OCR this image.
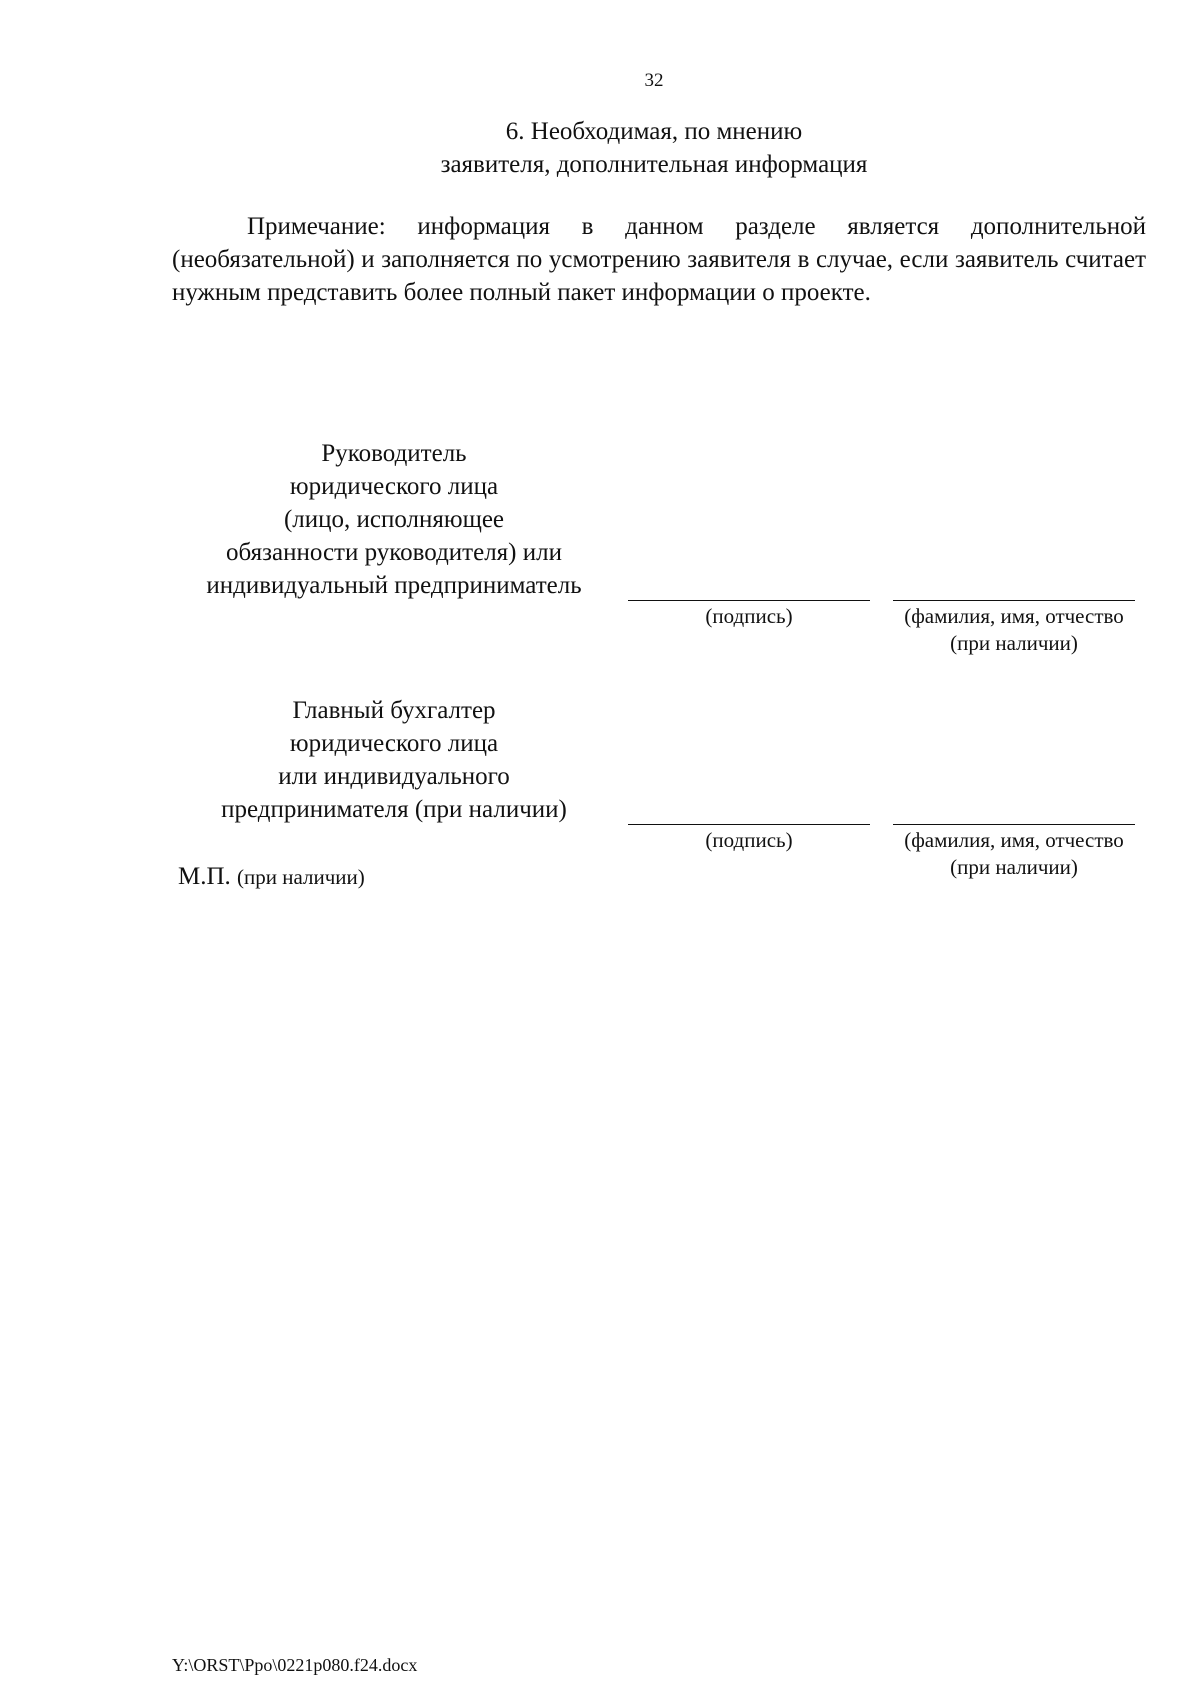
32
6. Необходимая, по мнению
заявителя, дополнительная информация

Примечание: информация в данном разделе является дополнительной (необязательной) и заполняется по усмотрению заявителя в случае, если заявитель считает нужным представить более полный пакет информации о проекте.

Руководитель
юридического лица
(лицо, исполняющее
обязанности руководителя) или
индивидуальный предприниматель
(подпись)	(фамилия, имя, отчество
(при наличии)
Главный бухгалтер
юридического лица
или индивидуального
предпринимателя (при наличии)
(подпись)	(фамилия, имя, отчество
(при наличии)
М.П. (при наличии)
Y:\ORST\Ppo\0221p080.f24.docx
